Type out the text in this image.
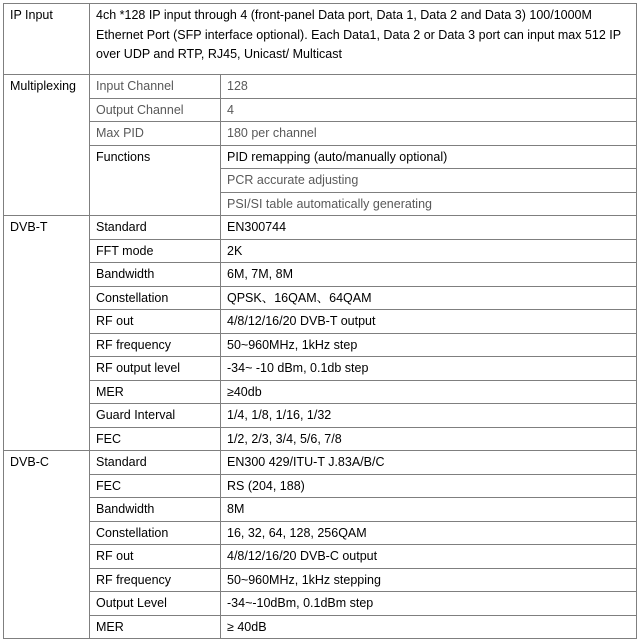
IP Input	4ch *128 IP input through 4 (front-panel Data port, Data 1, Data 2 and Data 3) 100/1000M Ethernet Port (SFP interface optional). Each Data1, Data 2 or Data 3 port can input max 512 IP over UDP and RTP, RJ45, Unicast/ Multicast	
Multiplexing	Input Channel	128
	Output Channel	4
	Max PID	180 per channel
	Functions	PID remapping (auto/manually optional)
		PCR accurate adjusting
		PSI/SI table automatically generating
DVB-T	Standard	EN300744
	FFT mode	2K
	Bandwidth	6M, 7M, 8M
	Constellation	QPSK、16QAM、64QAM
	RF out	4/8/12/16/20 DVB-T output
	RF frequency	50~960MHz, 1kHz step
	RF output level	-34~ -10 dBm, 0.1db step
	MER	≥40db
	Guard Interval	1/4, 1/8, 1/16, 1/32
	FEC	1/2, 2/3, 3/4, 5/6, 7/8
DVB-C	Standard	EN300 429/ITU-T J.83A/B/C
	FEC	RS (204, 188)
	Bandwidth	8M
	Constellation	16, 32, 64, 128, 256QAM
	RF out	4/8/12/16/20 DVB-C output
	RF frequency	50~960MHz, 1kHz stepping
	Output Level	-34~-10dBm, 0.1dBm step
	MER	≥ 40dB
